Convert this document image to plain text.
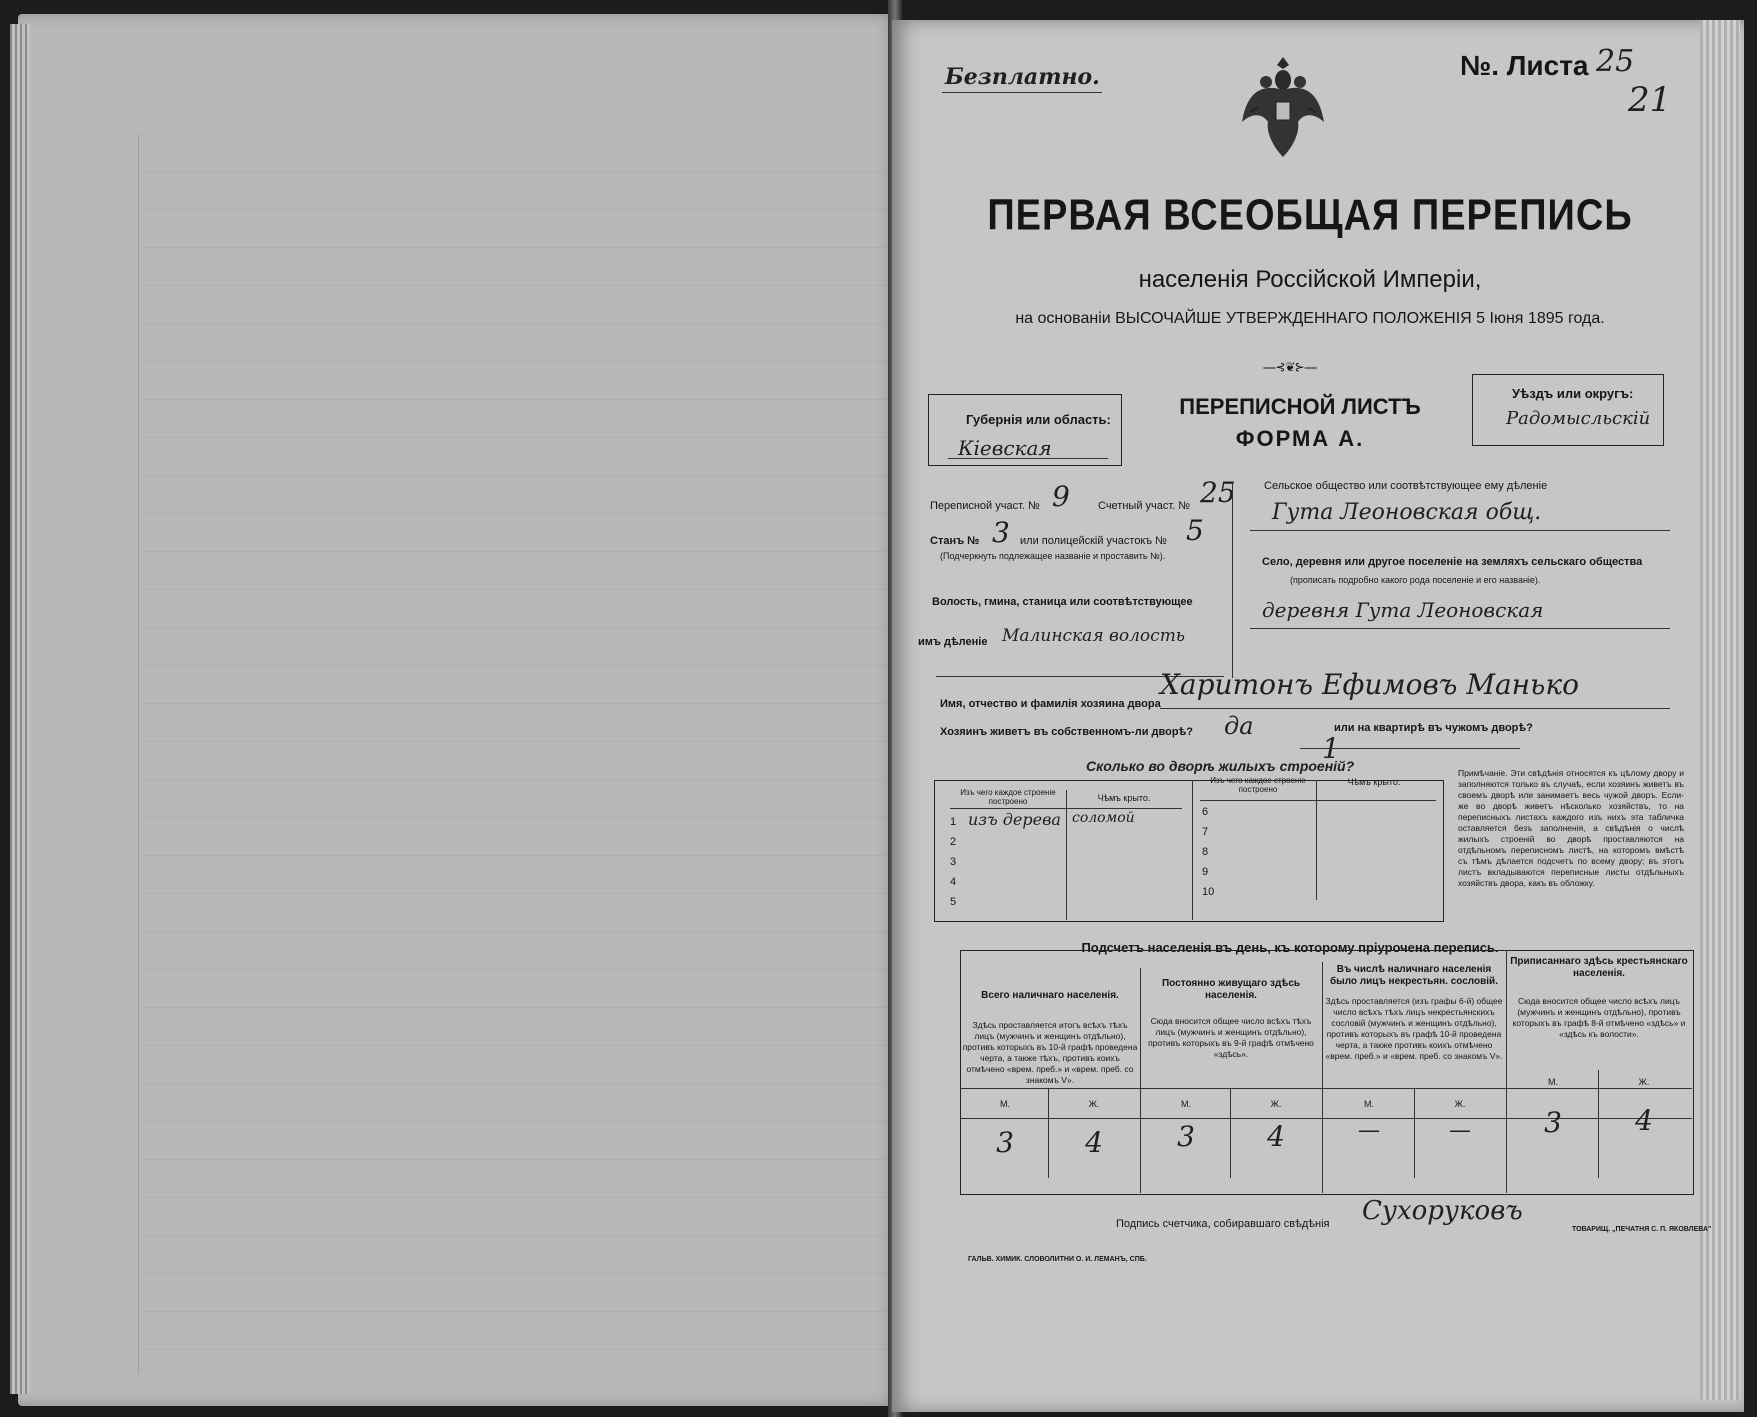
Безплатно.	№. Листа 25
21
ПЕРВАЯ ВСЕОБЩАЯ ПЕРЕПИСЬ
населенія Россійской Имперіи,
на основаніи ВЫСОЧАЙШЕ УТВЕРЖДЕННАГО ПОЛОЖЕНІЯ 5 Іюня 1895 года.
⎯⎯⊰❦⊱⎯⎯
Губернія или область:
Кіевская
ПЕРЕПИСНОЙ ЛИСТЪ
ФОРМА А.
Уѣздъ или округъ:
Радомысльскій
Переписной участ. № 9	Счетный участ. № 25
Станъ № 3 или полицейскій участокъ № 5
(Подчеркнуть подлежащее названіе и проставить №).
Волость, гмина, станица или соотвѣтствующее
имъ дѣленіе Малинская волость
Сельское общество или соотвѣтствующее ему дѣленіе
Гута Леоновская общ.
Село, деревня или другое поселеніе на земляхъ сельскаго общества
(прописать подробно какого рода поселеніе и его названіе).
деревня Гута Леоновская
Имя, отчество и фамилія хозяина двора
Харитонъ Ефимовъ Манько
Хозяинъ живетъ въ собственномъ-ли дворѣ? да	или на квартирѣ въ чужомъ дворѣ?
Сколько во дворѣ жилыхъ строеній?
1
Изъ чего каждое строеніе построено	Чѣмъ крыто.
Изъ чего каждое строеніе построено
Чѣмъ крыто.
1 изъ дерева соломой
2
3
4
5
6
7
8
9
10
Примѣчаніе. Эти свѣдѣнія относятся къ цѣлому двору и заполняются только въ случаѣ, если хозяинъ живетъ въ своемъ дворѣ или занимаетъ весь чужой дворъ. Если-же во дворѣ живетъ нѣсколько хозяйствъ, то на переписныхъ листахъ каждого изъ нихъ эта табличка оставляется безъ заполненія, а свѣдѣнія о числѣ жилыхъ строеній во дворѣ проставляются на отдѣльномъ переписномъ листѣ, на которомъ вмѣстѣ съ тѣмъ дѣлается подсчетъ по всему двору; въ этотъ листъ вкладываются переписные листы отдѣльныхъ хозяйствъ двора, какъ въ обложку.
Подсчетъ населенія въ день, къ которому пріурочена перепись.
Всего наличнаго населенія.
Здѣсь проставляется итогъ всѣхъ тѣхъ лицъ (мужчинъ и женщинъ отдѣльно), противъ которыхъ въ 10-й графѣ проведена черта, а также тѣхъ, противъ коихъ отмѣчено «врем. преб.» и «врем. преб. со знакомъ V».
Постоянно живущаго здѣсь населенія.
Сюда вносится общее число всѣхъ тѣхъ лицъ (мужчинъ и женщинъ отдѣльно), противъ которыхъ въ 9-й графѣ отмѣчено «здѣсь».
Въ числѣ наличнаго населенія было лицъ некрестьян. сословій.
Здѣсь проставляется (изъ графы 6-й) общее число всѣхъ тѣхъ лицъ некрестьянскихъ сословій (мужчинъ и женщинъ отдѣльно), противъ которыхъ въ графѣ 10-й проведена черта, а также противъ коихъ отмѣчено «врем. преб.» и «врем. преб. со знакомъ V».
Приписаннаго здѣсь крестьянскаго населенія.
Сюда вносится общее число всѣхъ лицъ (мужчинъ и женщинъ отдѣльно), противъ которыхъ въ графѣ 8-й отмѣчено «здѣсь» и «здѣсь къ волости».
М.	Ж.	М.	Ж.	М.	Ж.
М.	Ж.
3	4	3	4	—	—	3	4
Подпись счетчика, собиравшаго свѣдѣнія Сухоруковъ
ГАЛЬВ. ХИМИК. СЛОВОЛИТНИ О. И. ЛЕМАНЪ, СПБ.
ТОВАРИЩ. „ПЕЧАТНЯ С. П. ЯКОВЛЕВА"
